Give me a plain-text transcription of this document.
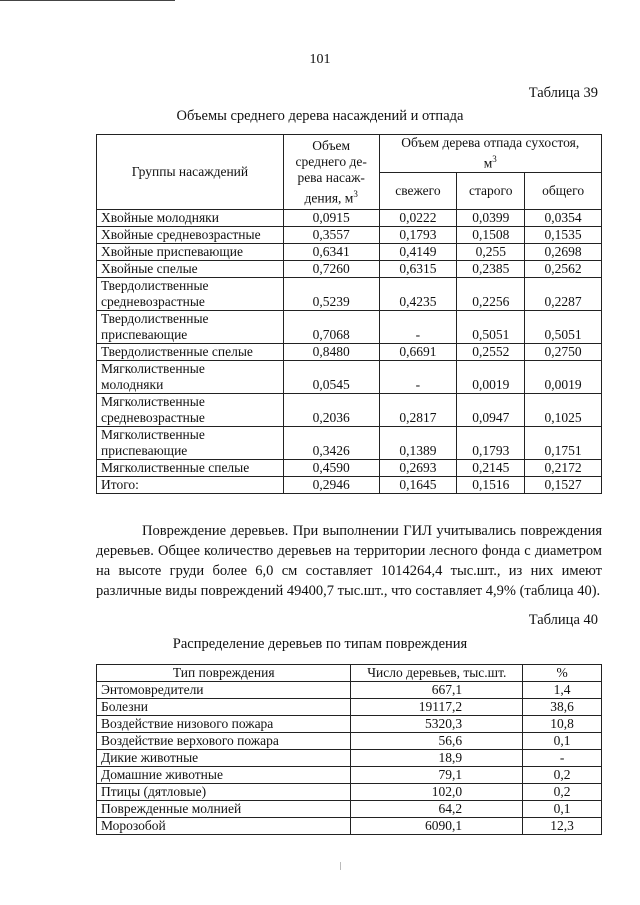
101
Таблица 39
Объемы среднего дерева насаждений и отпада
Группы насаждений	Объем
среднего де-
рева насаж-
дения, $м^3$	Объем дерева отпада сухостоя,
$м^3$
		свежего	старого	общего
Хвойные молодняки	0,0915	0,0222	0,0399	0,0354
Хвойные средневозрастные	0,3557	0,1793	0,1508	0,1535
Хвойные приспевающие	0,6341	0,4149	0,255	0,2698
Хвойные спелые	0,7260	0,6315	0,2385	0,2562
Твердолиственные
средневозрастные	0,5239	0,4235	0,2256	0,2287
Твердолиственные
приспевающие	0,7068	-	0,5051	0,5051
Твердолиственные спелые	0,8480	0,6691	0,2552	0,2750
Мягколиственные
молодняки	0,0545	-	0,0019	0,0019
Мягколиственные
средневозрастные	0,2036	0,2817	0,0947	0,1025
Мягколиственные
приспевающие	0,3426	0,1389	0,1793	0,1751
Мягколиственные спелые	0,4590	0,2693	0,2145	0,2172
Итого:	0,2946	0,1645	0,1516	0,1527
Повреждение деревьев. При выполнении ГИЛ учитывались повреждения деревьев. Общее количество деревьев на территории лесного фонда с диаметром на высоте груди более 6,0 см составляет 1014264,4 тыс.шт., из них имеют различные виды повреждений 49400,7 тыс.шт., что составляет 4,9% (таблица 40).
Таблица 40
Распределение деревьев по типам повреждения
Тип повреждения	Число деревьев, тыс.шт.	%
Энтомовредители	667,1	1,4
Болезни	19117,2	38,6
Воздействие низового пожара	5320,3	10,8
Воздействие верхового пожара	56,6	0,1
Дикие животные	18,9	-
Домашние животные	79,1	0,2
Птицы (дятловые)	102,0	0,2
Поврежденные молнией	64,2	0,1
Морозобой	6090,1	12,3
